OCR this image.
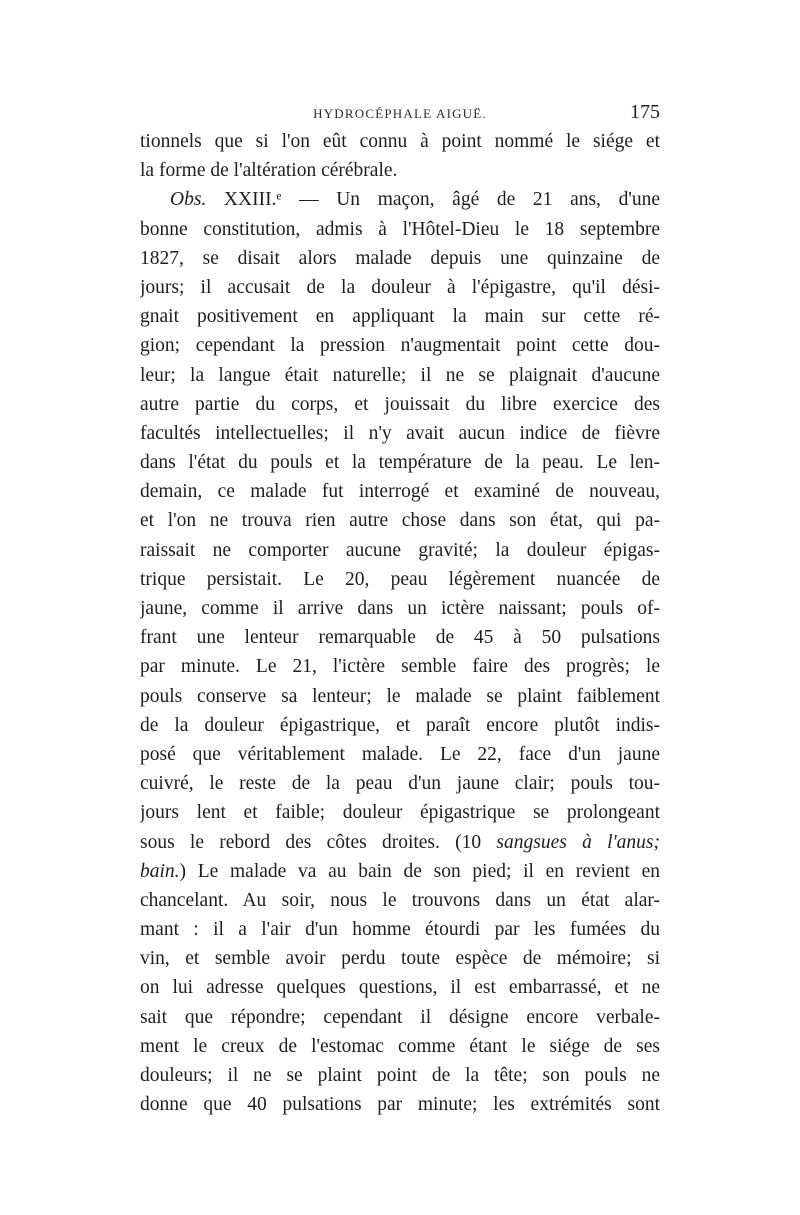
HYDROCÉPHALE AIGUË.	175
tionnels que si l'on eût connu à point nommé le siége et
la forme de l'altération cérébrale.
Obs. XXIII.ᵉ — Un maçon, âgé de 21 ans, d'une
bonne constitution, admis à l'Hôtel-Dieu le 18 septembre
1827, se disait alors malade depuis une quinzaine de
jours; il accusait de la douleur à l'épigastre, qu'il dési-
gnait positivement en appliquant la main sur cette ré-
gion; cependant la pression n'augmentait point cette dou-
leur; la langue était naturelle; il ne se plaignait d'aucune
autre partie du corps, et jouissait du libre exercice des
facultés intellectuelles; il n'y avait aucun indice de fièvre
dans l'état du pouls et la température de la peau. Le len-
demain, ce malade fut interrogé et examiné de nouveau,
et l'on ne trouva rien autre chose dans son état, qui pa-
raissait ne comporter aucune gravité; la douleur épigas-
trique persistait. Le 20, peau légèrement nuancée de
jaune, comme il arrive dans un ictère naissant; pouls of-
frant une lenteur remarquable de 45 à 50 pulsations
par minute. Le 21, l'ictère semble faire des progrès; le
pouls conserve sa lenteur; le malade se plaint faiblement
de la douleur épigastrique, et paraît encore plutôt indis-
posé que véritablement malade. Le 22, face d'un jaune
cuivré, le reste de la peau d'un jaune clair; pouls tou-
jours lent et faible; douleur épigastrique se prolongeant
sous le rebord des côtes droites. (10 sangsues à l'anus;
bain.) Le malade va au bain de son pied; il en revient en
chancelant. Au soir, nous le trouvons dans un état alar-
mant : il a l'air d'un homme étourdi par les fumées du
vin, et semble avoir perdu toute espèce de mémoire; si
on lui adresse quelques questions, il est embarrassé, et ne
sait que répondre; cependant il désigne encore verbale-
ment le creux de l'estomac comme étant le siége de ses
douleurs; il ne se plaint point de la tête; son pouls ne
donne que 40 pulsations par minute; les extrémités sont
